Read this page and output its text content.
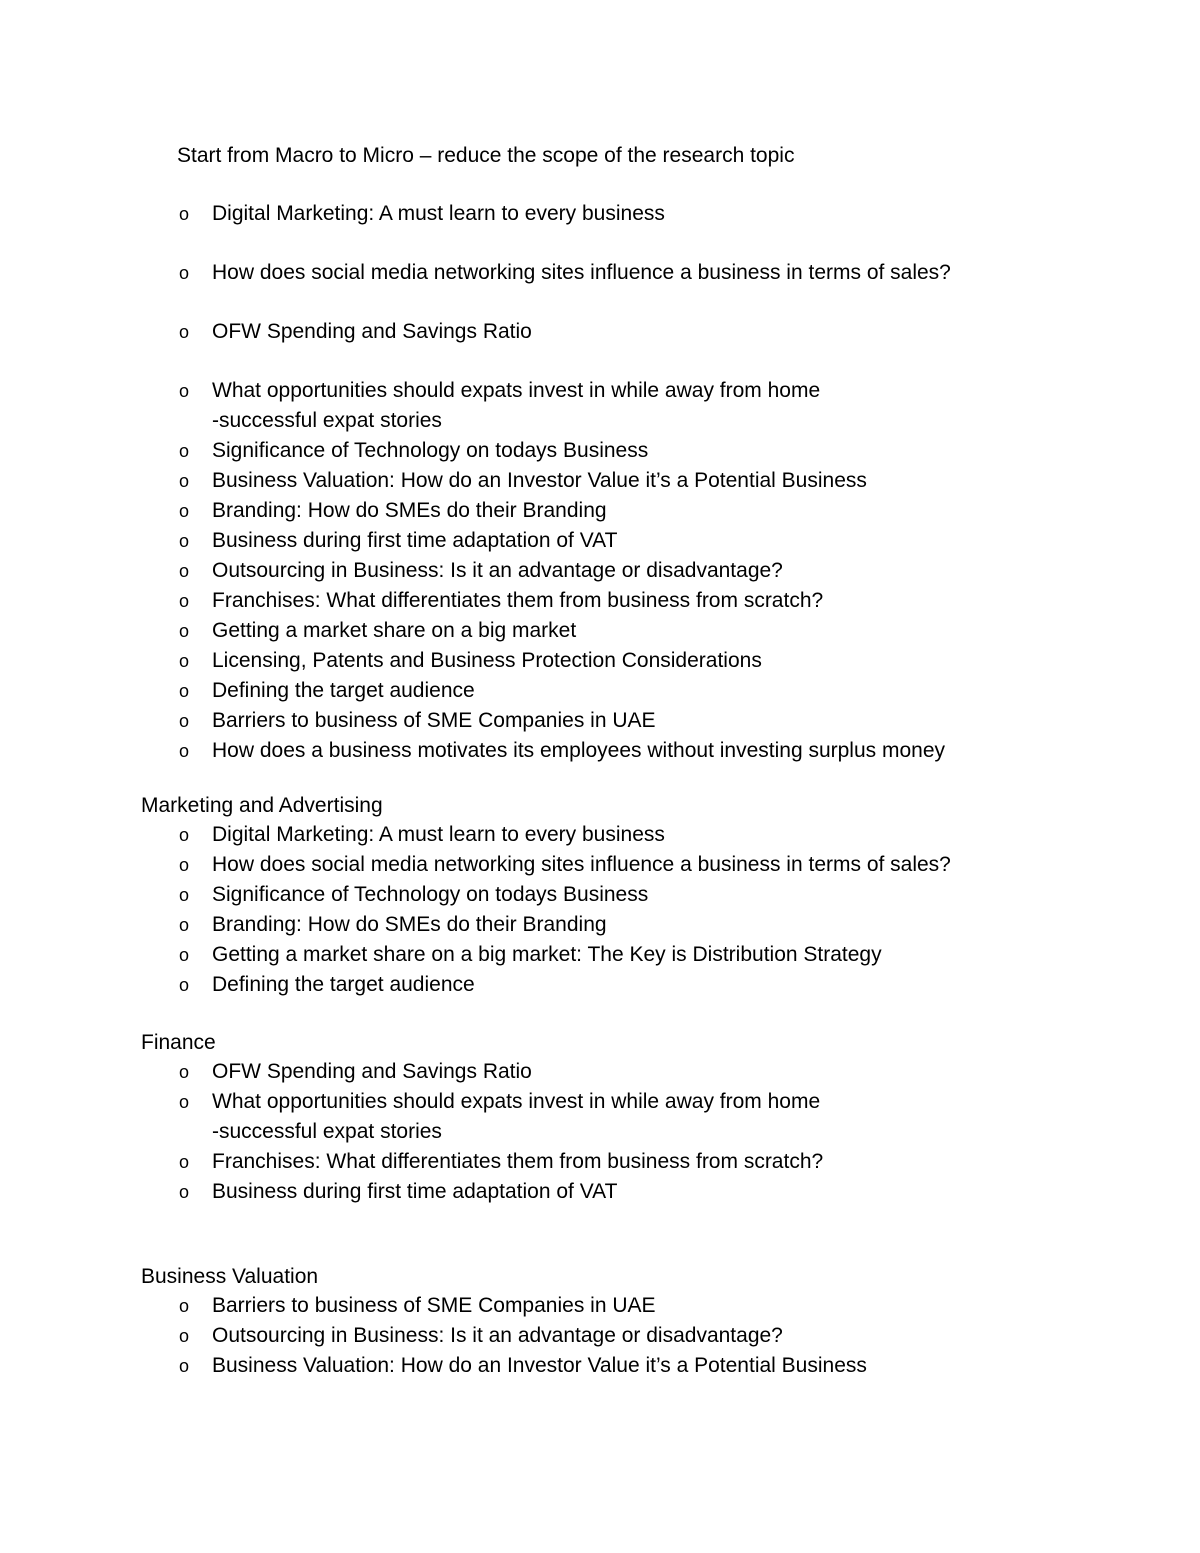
Start from Macro to Micro – reduce the scope of the research topic
o Digital Marketing: A must learn to every business
o How does social media networking sites influence a business in terms of sales?
o OFW Spending and Savings Ratio
o What opportunities should expats invest in while away from home
-successful expat stories
o Significance of Technology on todays Business
o Business Valuation: How do an Investor Value it’s a Potential Business
o Branding: How do SMEs do their Branding
o Business during first time adaptation of VAT
o Outsourcing in Business: Is it an advantage or disadvantage?
o Franchises: What differentiates them from business from scratch?
o Getting a market share on a big market
o Licensing, Patents and Business Protection Considerations
o Defining the target audience
o Barriers to business of SME Companies in UAE
o How does a business motivates its employees without investing surplus money
Marketing and Advertising
o Digital Marketing: A must learn to every business
o How does social media networking sites influence a business in terms of sales?
o Significance of Technology on todays Business
o Branding: How do SMEs do their Branding
o Getting a market share on a big market: The Key is Distribution Strategy
o Defining the target audience
Finance
o OFW Spending and Savings Ratio
o What opportunities should expats invest in while away from home
-successful expat stories
o Franchises: What differentiates them from business from scratch?
o Business during first time adaptation of VAT
Business Valuation
o Barriers to business of SME Companies in UAE
o Outsourcing in Business: Is it an advantage or disadvantage?
o Business Valuation: How do an Investor Value it’s a Potential Business
